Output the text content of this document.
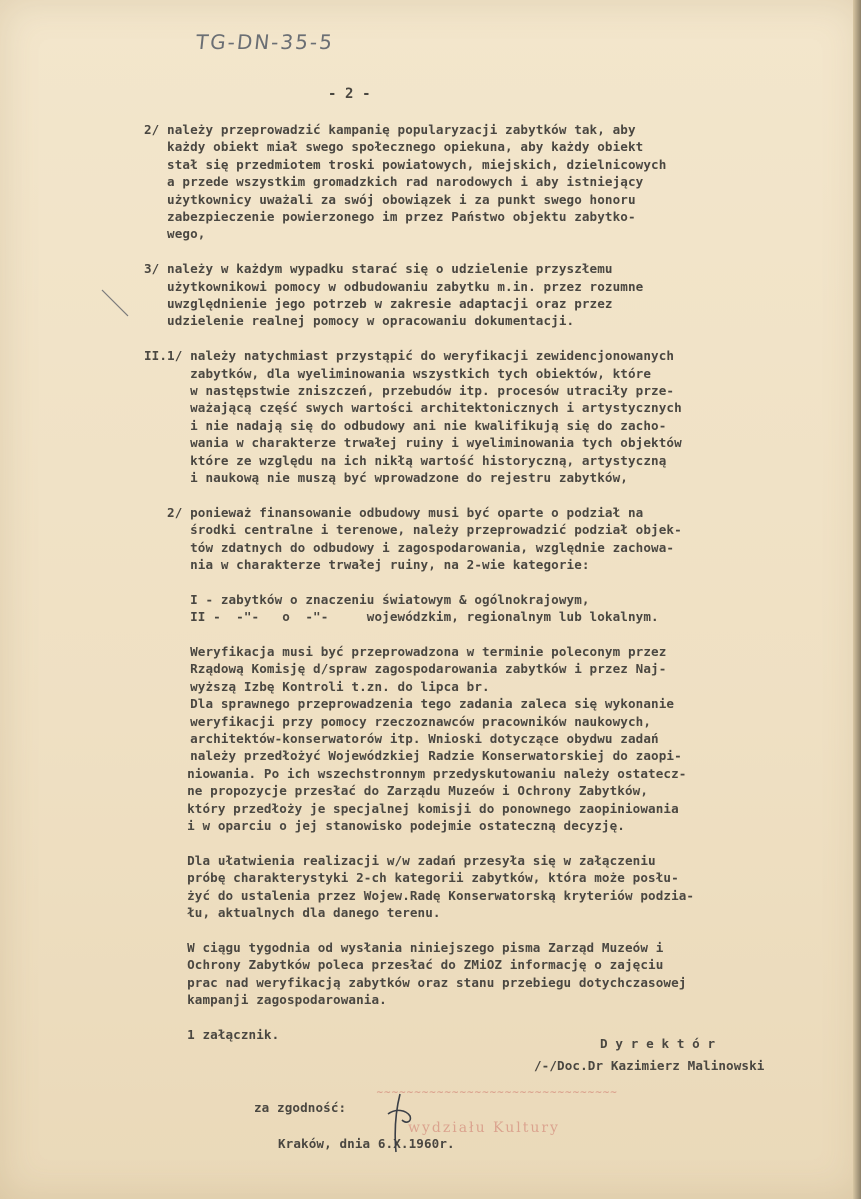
TG-DN-35-5
- 2 -
2/ należy przeprowadzić kampanię popularyzacji zabytków tak, aby
każdy obiekt miał swego społecznego opiekuna, aby każdy obiekt
stał się przedmiotem troski powiatowych, miejskich, dzielnicowych
a przede wszystkim gromadzkich rad narodowych i aby istniejący
użytkownicy uważali za swój obowiązek i za punkt swego honoru
zabezpieczenie powierzonego im przez Państwo objektu zabytko-
wego,
3/ należy w każdym wypadku starać się o udzielenie przyszłemu
użytkownikowi pomocy w odbudowaniu zabytku m.in. przez rozumne
uwzględnienie jego potrzeb w zakresie adaptacji oraz przez
udzielenie realnej pomocy w opracowaniu dokumentacji.
II.1/ należy natychmiast przystąpić do weryfikacji zewidencjonowanych
zabytków, dla wyeliminowania wszystkich tych obiektów, które
w następstwie zniszczeń, przebudów itp. procesów utraciły prze-
ważającą część swych wartości architektonicznych i artystycznych
i nie nadają się do odbudowy ani nie kwalifikują się do zacho-
wania w charakterze trwałej ruiny i wyeliminowania tych objektów
które ze względu na ich nikłą wartość historyczną, artystyczną
i naukową nie muszą być wprowadzone do rejestru zabytków,
2/ ponieważ finansowanie odbudowy musi być oparte o podział na
środki centralne i terenowe, należy przeprowadzić podział objek-
tów zdatnych do odbudowy i zagospodarowania, względnie zachowa-
nia w charakterze trwałej ruiny, na 2-wie kategorie:
I - zabytków o znaczeniu światowym & ogólnokrajowym,
II -  -"-   o  -"-     wojewódzkim, regionalnym lub lokalnym.
Weryfikacja musi być przeprowadzona w terminie poleconym przez
Rządową Komisję d/spraw zagospodarowania zabytków i przez Naj-
wyższą Izbę Kontroli t.zn. do lipca br.
Dla sprawnego przeprowadzenia tego zadania zaleca się wykonanie
weryfikacji przy pomocy rzeczoznawców pracowników naukowych,
architektów-konserwatorów itp. Wnioski dotyczące obydwu zadań
należy przedłożyć Wojewódzkiej Radzie Konserwatorskiej do zaopi-
niowania. Po ich wszechstronnym przedyskutowaniu należy ostatecz-
ne propozycje przesłać do Zarządu Muzeów i Ochrony Zabytków,
który przedłoży je specjalnej komisji do ponownego zaopiniowania
i w oparciu o jej stanowisko podejmie ostateczną decyzję.
Dla ułatwienia realizacji w/w zadań przesyła się w załączeniu
próbę charakterystyki 2-ch kategorii zabytków, która może posłu-
żyć do ustalenia przez Wojew.Radę Konserwatorską kryteriów podzia-
łu, aktualnych dla danego terenu.
W ciągu tygodnia od wysłania niniejszego pisma Zarząd Muzeów i
Ochrony Zabytków poleca przesłać do ZMiOZ informację o zajęciu
prac nad weryfikacją zabytków oraz stanu przebiegu dotychczasowej
kampanji zagospodarowania.
1 załącznik.

D y r e k t ó r

/-/Doc.Dr Kazimierz Malinowski

za zgodność:
Kraków, dnia 6.X.1960r.
~~~~~~~~~~~~~~~~~~~~~~~~~~~~~~~~
wydziału Kultury
